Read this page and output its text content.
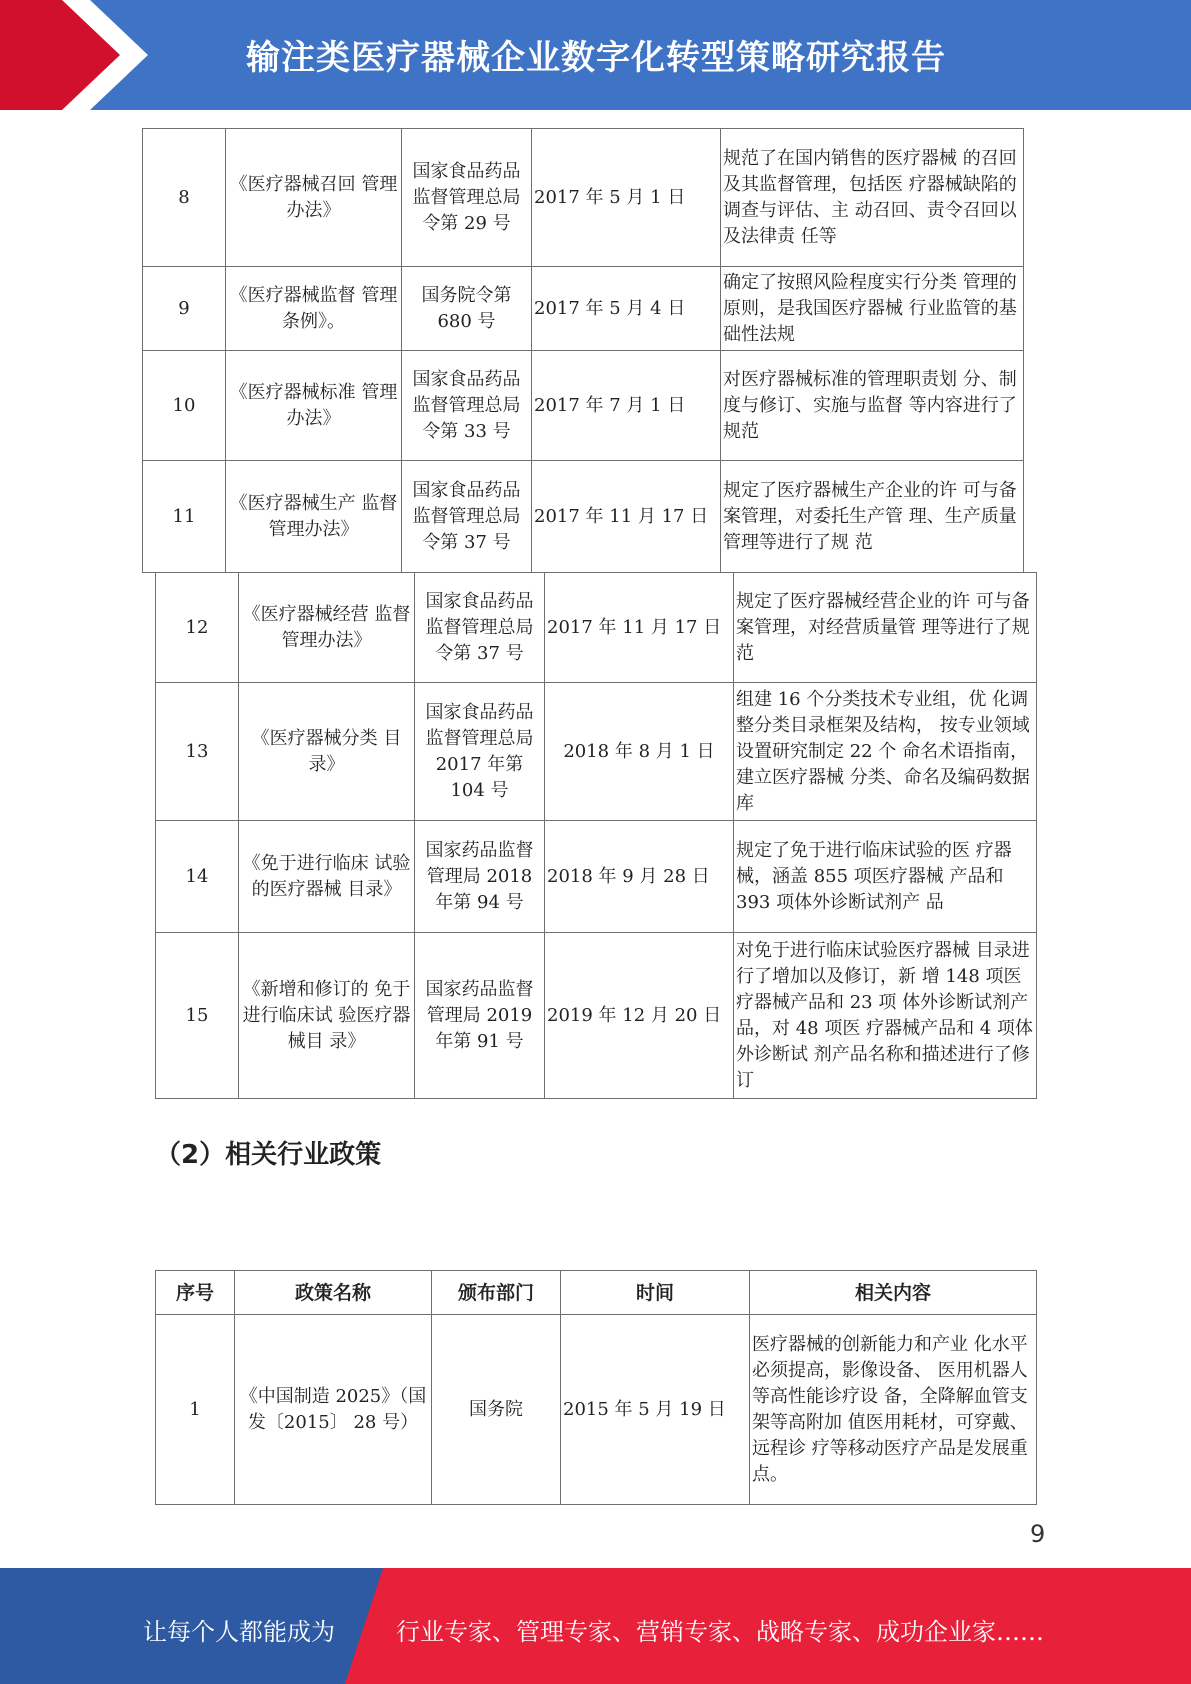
输注类医疗器械企业数字化转型策略研究报告
8	《医疗器械召回 管理办法》	国家食品药品监督管理总局令第 29 号	2017 年 5 月 1 日	规范了在国内销售的医疗器械 的召回及其监督管理，包括医 疗器械缺陷的调查与评估、主 动召回、责令召回以及法律责 任等
9	《医疗器械监督 管理条例》。	国务院令第 680 号	2017 年 5 月 4 日	确定了按照风险程度实行分类 管理的原则，是我国医疗器械 行业监管的基础性法规
10	《医疗器械标准 管理办法》	国家食品药品监督管理总局令第 33 号	2017 年 7 月 1 日	对医疗器械标准的管理职责划 分、制度与修订、实施与监督 等内容进行了规范
11	《医疗器械生产 监督管理办法》	国家食品药品监督管理总局令第 37 号	2017 年 11 月 17 日	规定了医疗器械生产企业的许 可与备案管理，对委托生产管 理、生产质量管理等进行了规 范
12	《医疗器械经营 监督管理办法》	国家食品药品监督管理总局令第 37 号	2017 年 11 月 17 日	规定了医疗器械经营企业的许 可与备案管理，对经营质量管 理等进行了规范
13	《医疗器械分类 目录》	国家食品药品监督管理总局 2017 年第 104 号	2018 年 8 月 1 日	组建 16 个分类技术专业组，优 化调整分类目录框架及结构， 按专业领域设置研究制定 22 个 命名术语指南，建立医疗器械 分类、命名及编码数据库
14	《免于进行临床 试验的医疗器械 目录》	国家药品监督管理局 2018 年第 94 号	2018 年 9 月 28 日	规定了免于进行临床试验的医 疗器械，涵盖 855 项医疗器械 产品和 393 项体外诊断试剂产 品
15	《新增和修订的 免于进行临床试 验医疗器械目 录》	国家药品监督管理局 2019 年第 91 号	2019 年 12 月 20 日	对免于进行临床试验医疗器械 目录进行了增加以及修订，新 增 148 项医疗器械产品和 23 项 体外诊断试剂产品，对 48 项医 疗器械产品和 4 项体外诊断试 剂产品名称和描述进行了修订
（2）相关行业政策
序号	政策名称	颁布部门	时间	相关内容
1	《中国制造 2025》（国发〔2015〕 28 号）	国务院	2015 年 5 月 19 日	医疗器械的创新能力和产业 化水平必须提高，影像设备、 医用机器人等高性能诊疗设 备，全降解血管支架等高附加 值医用耗材，可穿戴、远程诊 疗等移动医疗产品是发展重 点。
9
让每个人都能成为	行业专家、管理专家、营销专家、战略专家、成功企业家……
